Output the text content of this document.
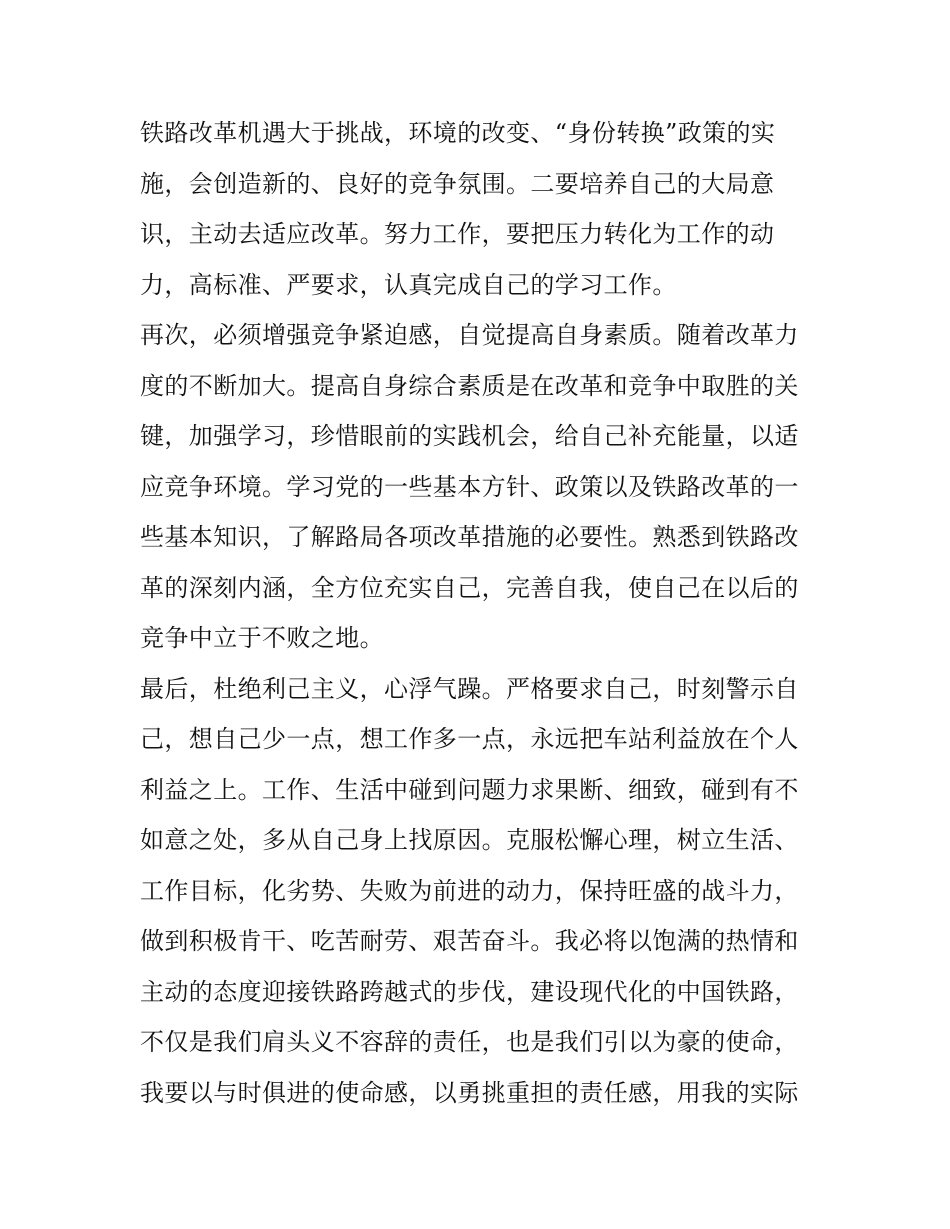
铁路改革机遇大于挑战，环境的改变、“身份转换”政策的实
施，会创造新的、良好的竞争氛围。二要培养自己的大局意
识，主动去适应改革。努力工作，要把压力转化为工作的动
力，高标准、严要求，认真完成自己的学习工作。
再次，必须增强竞争紧迫感，自觉提高自身素质。随着改革力
度的不断加大。提高自身综合素质是在改革和竞争中取胜的关
键，加强学习，珍惜眼前的实践机会，给自己补充能量，以适
应竞争环境。学习党的一些基本方针、政策以及铁路改革的一
些基本知识，了解路局各项改革措施的必要性。熟悉到铁路改
革的深刻内涵，全方位充实自己，完善自我，使自己在以后的
竞争中立于不败之地。
最后，杜绝利己主义，心浮气躁。严格要求自己，时刻警示自
己，想自己少一点，想工作多一点，永远把车站利益放在个人
利益之上。工作、生活中碰到问题力求果断、细致，碰到有不
如意之处，多从自己身上找原因。克服松懈心理，树立生活、
工作目标，化劣势、失败为前进的动力，保持旺盛的战斗力，
做到积极肯干、吃苦耐劳、艰苦奋斗。我必将以饱满的热情和
主动的态度迎接铁路跨越式的步伐，建设现代化的中国铁路，
不仅是我们肩头义不容辞的责任，也是我们引以为豪的使命，
我要以与时俱进的使命感，以勇挑重担的责任感，用我的实际
